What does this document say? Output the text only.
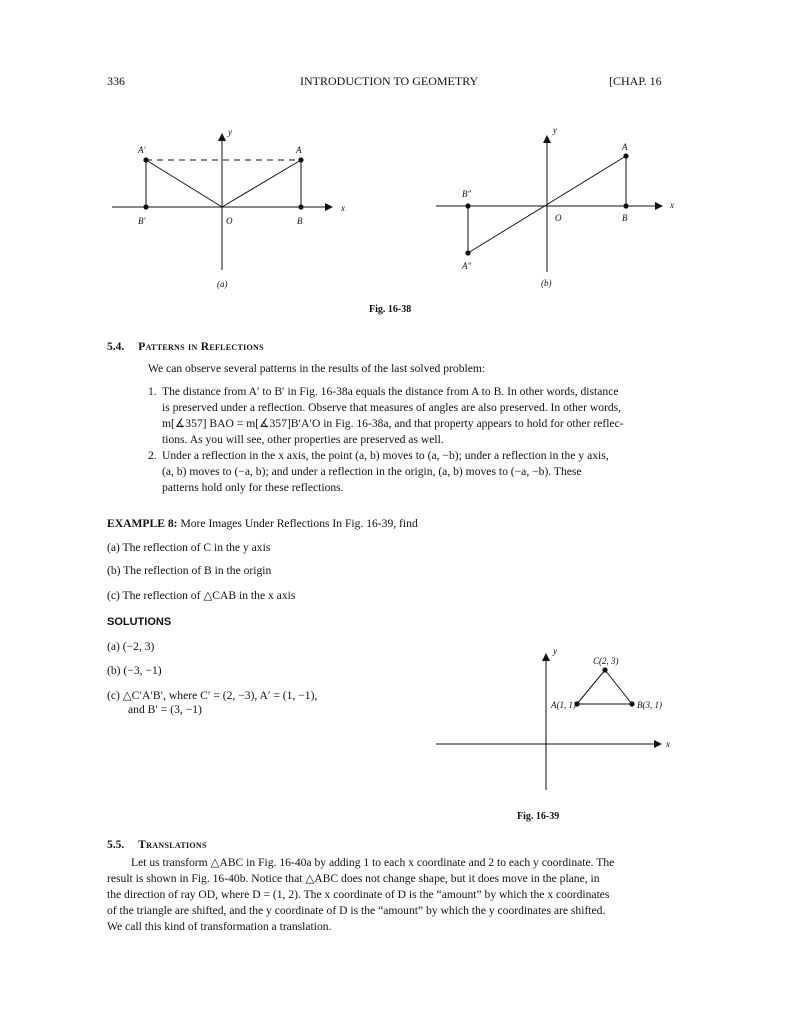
336	INTRODUCTION TO GEOMETRY	[CHAP. 16
y
x
A′	A
B′	O	B
(a)
y
x
A
B″
O	B
A″
(b)
Fig. 16-38
5.4. Patterns in Reflections
We can observe several patterns in the results of the last solved problem:
1. The distance from A′ to B′ in Fig. 16-38a equals the distance from A to B. In other words, distance
is preserved under a reflection. Observe that measures of angles are also preserved. In other words,
m[∡357] BAO = m[∡357]B′A′O in Fig. 16-38a, and that property appears to hold for other reflec-
tions. As you will see, other properties are preserved as well.
2. Under a reflection in the x axis, the point (a, b) moves to (a, −b); under a reflection in the y axis,
(a, b) moves to (−a, b); and under a reflection in the origin, (a, b) moves to (−a, −b). These
patterns hold only for these reflections.
EXAMPLE 8: More Images Under Reflections In Fig. 16-39, find
(a) The reflection of C in the y axis
(b) The reflection of B in the origin
(c) The reflection of △CAB in the x axis
SOLUTIONS
(a) (−2, 3)
(b) (−3, −1)
(c) △C′A′B′, where C′ = (2, −3), A′ = (1, −1),
and B′ = (3, −1)
y
x
C(2, 3)
A(1, 1)	B(3, 1)
Fig. 16-39
5.5. Translations
Let us transform △ABC in Fig. 16-40a by adding 1 to each x coordinate and 2 to each y coordinate. The
result is shown in Fig. 16-40b. Notice that △ABC does not change shape, but it does move in the plane, in
the direction of ray OD, where D = (1, 2). The x coordinate of D is the “amount” by which the x coordinates
of the triangle are shifted, and the y coordinate of D is the “amount” by which the y coordinates are shifted.
We call this kind of transformation a translation.
